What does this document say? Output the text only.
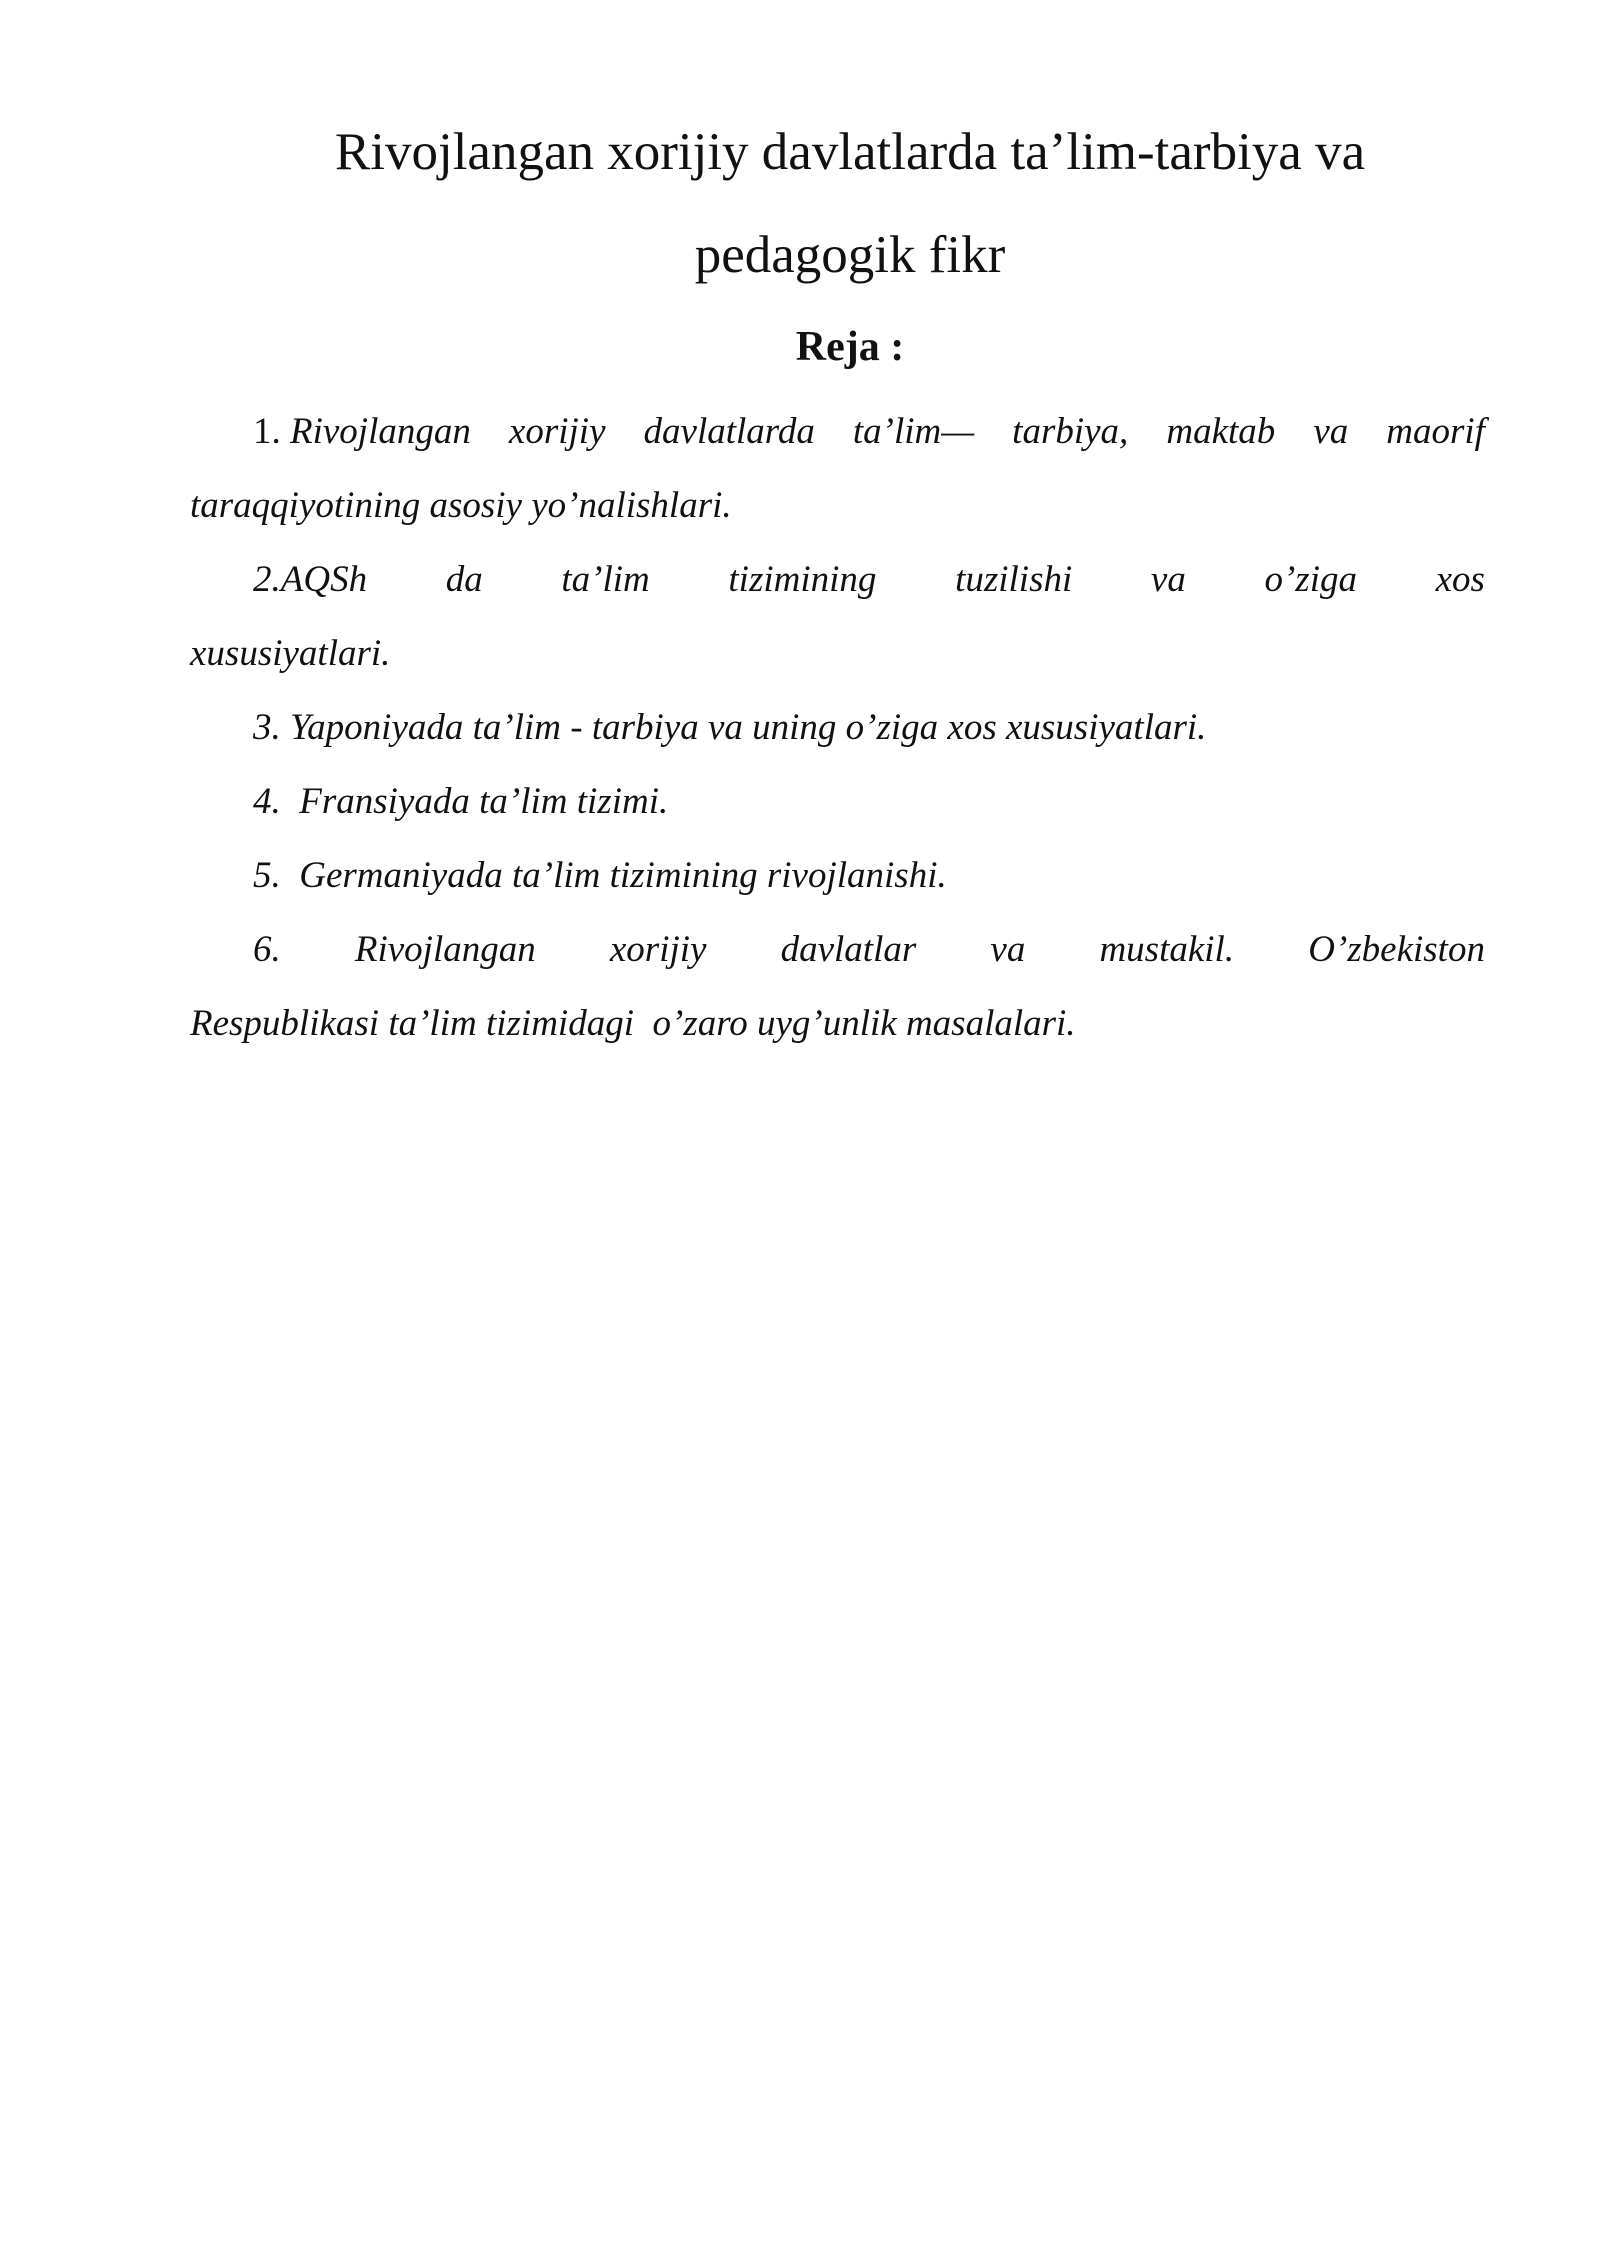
Rivojlangan xorijiy davlatlarda ta’lim-tarbiya va
pedagogik fikr
Reja :
1. Rivojlangan xorijiy davlatlarda ta’lim— tarbiya, maktab va maorif
taraqqiyotining asosiy yo’nalishlari.
2.AQSh da ta’lim tizimining tuzilishi va o’ziga xos
xususiyatlari.
3. Yaponiyada ta’lim - tarbiya va uning o’ziga xos xususiyatlari.
4.  Fransiyada ta’lim tizimi.
5.  Germaniyada ta’lim tizimining rivojlanishi.
6. Rivojlangan xorijiy davlatlar va mustakil. O’zbekiston
Respublikasi ta’lim tizimidagi  o’zaro uyg’unlik masalalari.
